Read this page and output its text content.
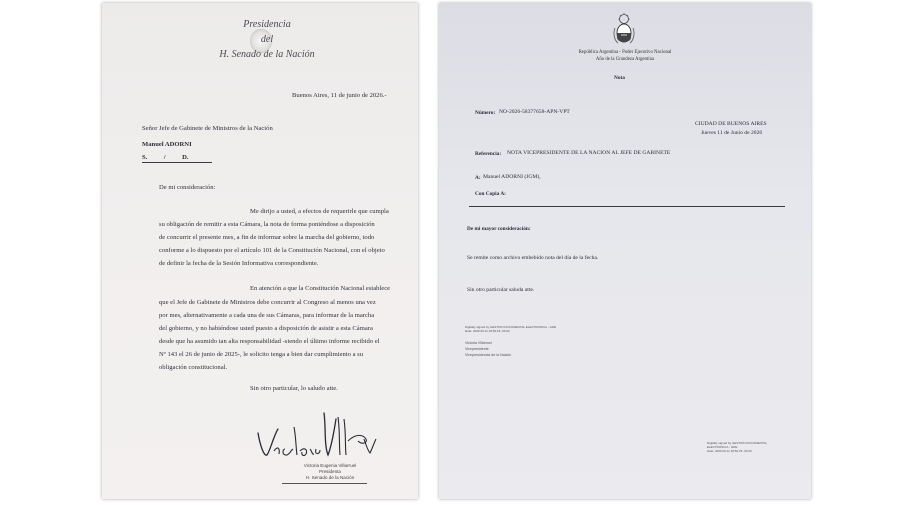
Presidencia
del
H. Senado de la Nación
Buenos Aires, 11 de junio de 2026.-
Señor Jefe de Gabinete de Ministros de la Nación
Manuel ADORNI
S.          /          D.
De mi consideración:
Me dirijo a usted, a efectos de requerirle que cumpla
su obligación de remitir a esta Cámara, la nota de forma poniéndose a disposición
de concurrir el presente mes, a fin de informar sobre la marcha del gobierno, todo
conforme a lo dispuesto por el artículo 101 de la Constitución Nacional, con el objeto
de definir la fecha de la Sesión Informativa correspondiente.
En atención a que la Constitución Nacional establece
que el Jefe de Gabinete de Ministros debe concurrir al Congreso al menos una vez
por mes, alternativamente a cada una de sus Cámaras, para informar de la marcha
del gobierno, y no habiéndose usted puesto a disposición de asistir a esta Cámara
desde que ha asumido tan alta responsabilidad -siendo el último informe recibido el
Nº 143 el 26 de junio de 2025-, le solicito tenga a bien dar cumplimiento a su
obligación constitucional.
Sin otro particular, lo saludo atte.
Victoria Eugenia Villarruel
Presidenta
H. Senado de la Nación
República Argentina - Poder Ejecutivo Nacional
Año de la Grandeza Argentina
Nota
Número: NO-2026-58377658-APN-VPT
CIUDAD DE BUENOS AIRES
Jueves 11 de Junio de 2026
Referencia: NOTA VICEPRESIDENTE DE LA NACION AL JEFE DE GABINETE
A: Manuel ADORNI (JGM),
Con Copia A:
De mi mayor consideración:
Se remite como archivo embebido nota del día de la fecha.
Sin otro particular saluda atte.
Digitally signed by GESTION DOCUMENTAL ELECTRONICA - GDE
Date: 2026.06.11 18:50:18 -03:00
Victoria Villarruel
Vicepresidente
Vicepresidencia de la Nación
Digitally signed by GESTION DOCUMENTAL
ELECTRONICA - GDE
Date: 2026.06.11 18:50:25 -03:00
